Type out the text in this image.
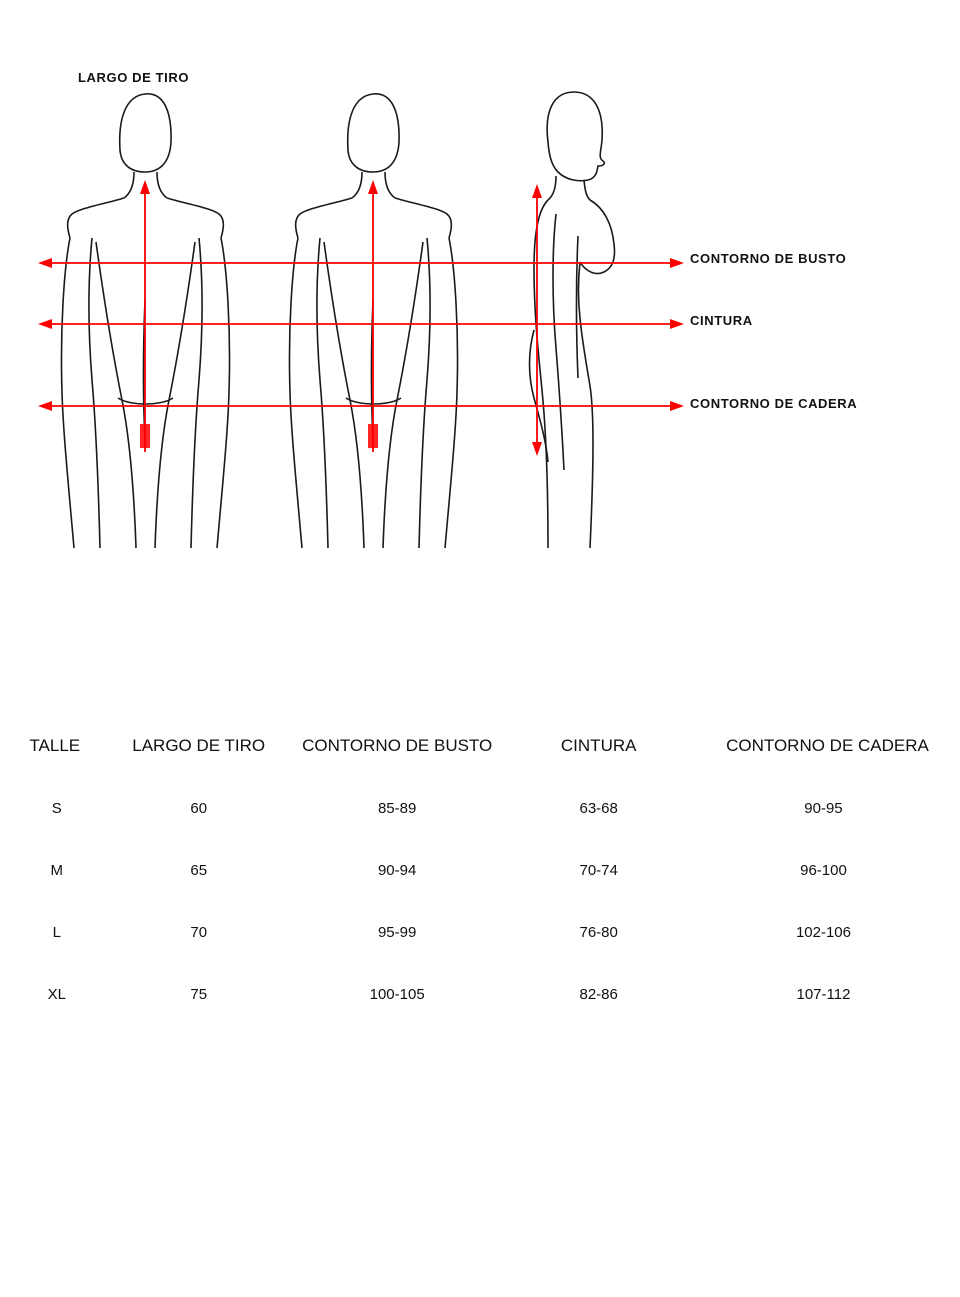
LARGO DE TIRO
CONTORNO DE BUSTO
CINTURA
CONTORNO DE CADERA
TALLE	LARGO DE TIRO	CONTORNO DE BUSTO	CINTURA	CONTORNO DE CADERA
S	60	85-89	63-68	90-95
M	65	90-94	70-74	96-100
L	70	95-99	76-80	102-106
XL	75	100-105	82-86	107-112
